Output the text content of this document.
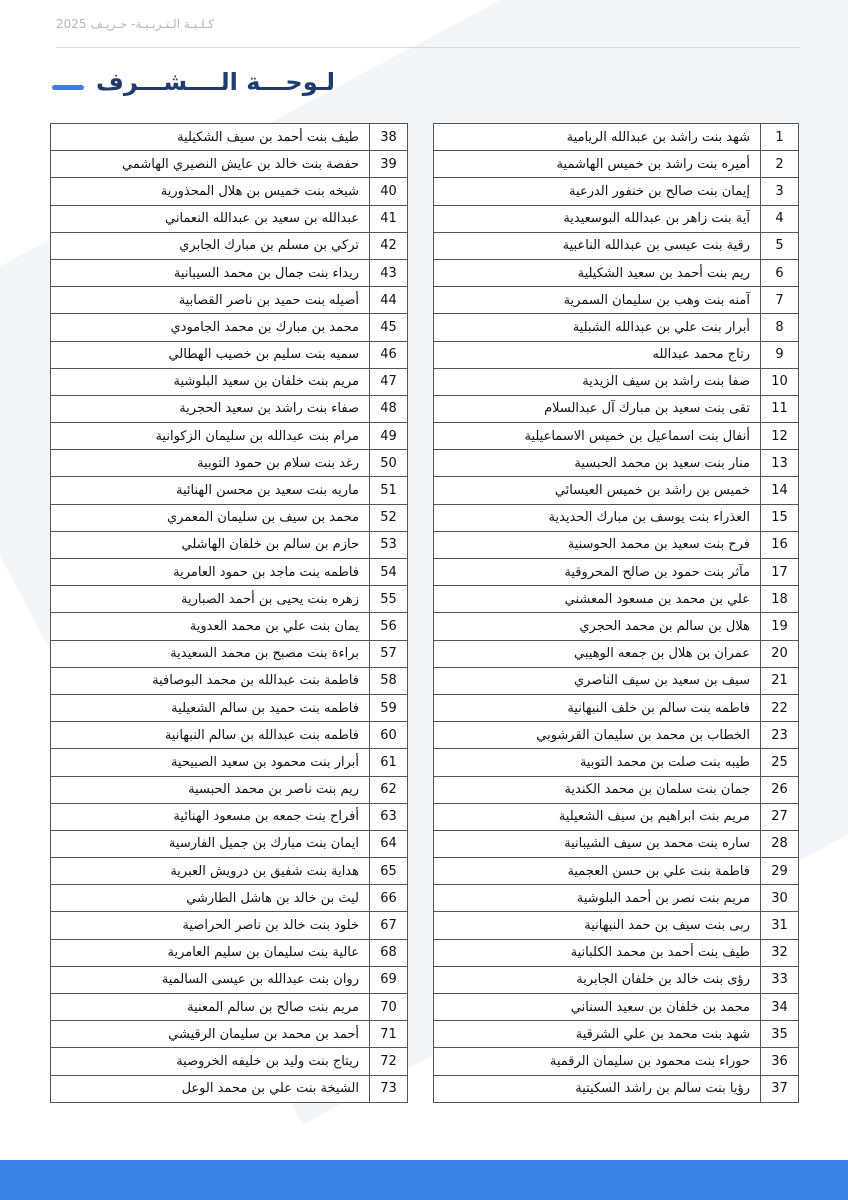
كـلـيـة الـتـربـيـة- خـريـف 2025
لـوحـــة الــــشـــرف
1	شهد بنت راشد بن عبدالله الريامية
2	أميره بنت راشد بن خميس الهاشمية
3	إيمان بنت صالح بن خنفور الدرعية
4	آية بنت زاهر بن عبدالله البوسعيدية
5	رقية بنت عيسى بن عبدالله الناعبية
6	ريم بنت أحمد بن سعيد الشكيلية
7	آمنه بنت وهب بن سليمان السمرية
8	أبرار بنت علي بن عبدالله الشبلية
9	رتاج محمد عبدالله
10	صفا بنت راشد بن سيف الزيدية
11	تقى بنت سعيد بن مبارك آل عبدالسلام
12	أنفال بنت اسماعيل بن خميس الاسماعيلية
13	منار بنت سعيد بن محمد الحبسية
14	خميس بن راشد بن خميس العيسائي
15	العذراء بنت يوسف بن مبارك الحديدية
16	فرح بنت سعيد بن محمد الحوسنية
17	مآثر بنت حمود بن صالح المحروقية
18	علي بن محمد بن مسعود المعشني
19	هلال بن سالم بن محمد الحجري
20	عمران بن هلال بن جمعه الوهيبي
21	سيف بن سعيد بن سيف الناصري
22	فاطمه بنت سالم بن خلف النبهانية
23	الخطاب بن محمد بن سليمان القرشوبي
25	طيبه بنت صلت بن محمد التوبية
26	جمان بنت سلمان بن محمد الكندية
27	مريم بنت ابراهيم بن سيف الشعيلية
28	ساره بنت محمد بن سيف الشيبانية
29	فاطمة بنت علي بن حسن العجمية
30	مريم بنت نصر بن أحمد البلوشية
31	ربى بنت سيف بن حمد النبهانية
32	طيف بنت أحمد بن محمد الكلبانية
33	رؤى بنت خالد بن خلفان الجابرية
34	محمد بن خلفان بن سعيد السناني
35	شهد بنت محمد بن علي الشرقية
36	حوراء بنت محمود بن سليمان الرقمية
37	رؤيا بنت سالم بن راشد السكيتية
38	طيف بنت أحمد بن سيف الشكيلية
39	حفصة بنت خالد بن عايش النصيري الهاشمي
40	شيخه بنت خميس بن هلال المحذورية
41	عبدالله بن سعيد بن عبدالله النعماني
42	تركي بن مسلم بن مبارك الجابري
43	ريداء بنت جمال بن محمد السيبانية
44	أصيله بنت حميد بن ناصر القصابية
45	محمد بن مبارك بن محمد الجامودي
46	سميه بنت سليم بن خصيب الهطالي
47	مريم بنت خلفان بن سعيد البلوشية
48	صفاء بنت راشد بن سعيد الحجرية
49	مرام بنت عبدالله بن سليمان الزكوانية
50	رغد بنت سلام بن حمود التوبية
51	ماريه بنت سعيد بن محسن الهنائية
52	محمد بن سيف بن سليمان المعمري
53	حازم بن سالم بن خلفان الهاشلي
54	فاطمه بنت ماجد بن حمود العامرية
55	زهره بنت يحيى بن أحمد الصبارية
56	يمان بنت علي بن محمد العدوية
57	براءة بنت مصبح بن محمد السعيدية
58	فاطمة بنت عبدالله بن محمد البوصافية
59	فاطمه بنت حميد بن سالم الشعيلية
60	فاطمه بنت عبدالله بن سالم النبهانية
61	أبرار بنت محمود بن سعيد الصبيحية
62	ريم بنت ناصر بن محمد الحبسية
63	أفراح بنت جمعه بن مسعود الهنائية
64	ايمان بنت مبارك بن جميل الفارسية
65	هداية بنت شفيق بن درويش العبرية
66	ليث بن خالد بن هاشل الطارشي
67	خلود بنت خالد بن ناصر الحراصية
68	عالية بنت سليمان بن سليم العامرية
69	روان بنت عبدالله بن عيسى السالمية
70	مريم بنت صالح بن سالم المعنية
71	أحمد بن محمد بن سليمان الرقيشي
72	ريتاج بنت وليد بن خليفه الخروصية
73	الشيخة بنت علي بن محمد الوعل
